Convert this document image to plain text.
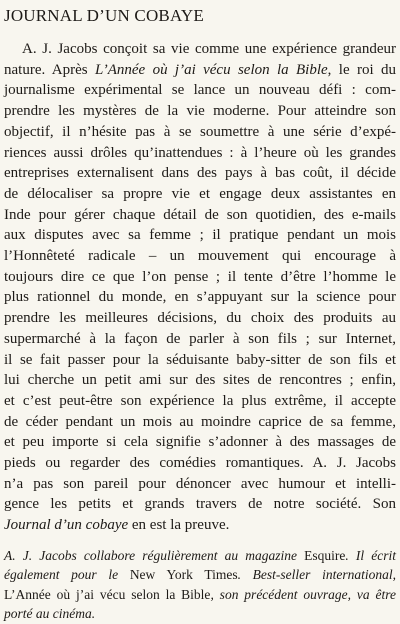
JOURNAL D’UN COBAYE
A. J. Jacobs conçoit sa vie comme une expérience grandeur
nature. Après L’Année où j’ai vécu selon la Bible, le roi du
journalisme expérimental se lance un nouveau défi : com-
prendre les mystères de la vie moderne. Pour atteindre son
objectif, il n’hésite pas à se soumettre à une série d’expé-
riences aussi drôles qu’inattendues : à l’heure où les grandes
entreprises externalisent dans des pays à bas coût, il décide
de délocaliser sa propre vie et engage deux assistantes en
Inde pour gérer chaque détail de son quotidien, des e-mails
aux disputes avec sa femme ; il pratique pendant un mois
l’Honnêteté radicale – un mouvement qui encourage à
toujours dire ce que l’on pense ; il tente d’être l’homme le
plus rationnel du monde, en s’appuyant sur la science pour
prendre les meilleures décisions, du choix des produits au
supermarché à la façon de parler à son fils ; sur Internet,
il se fait passer pour la séduisante baby-sitter de son fils et
lui cherche un petit ami sur des sites de rencontres ; enfin,
et c’est peut-être son expérience la plus extrême, il accepte
de céder pendant un mois au moindre caprice de sa femme,
et peu importe si cela signifie s’adonner à des massages de
pieds ou regarder des comédies romantiques. A. J. Jacobs
n’a pas son pareil pour dénoncer avec humour et intelli-
gence les petits et grands travers de notre société. Son
Journal d’un cobaye en est la preuve.
A. J. Jacobs collabore régulièrement au magazine Esquire. Il écrit
également pour le New York Times. Best-seller international,
L’Année où j’ai vécu selon la Bible, son précédent ouvrage, va être
porté au cinéma.
